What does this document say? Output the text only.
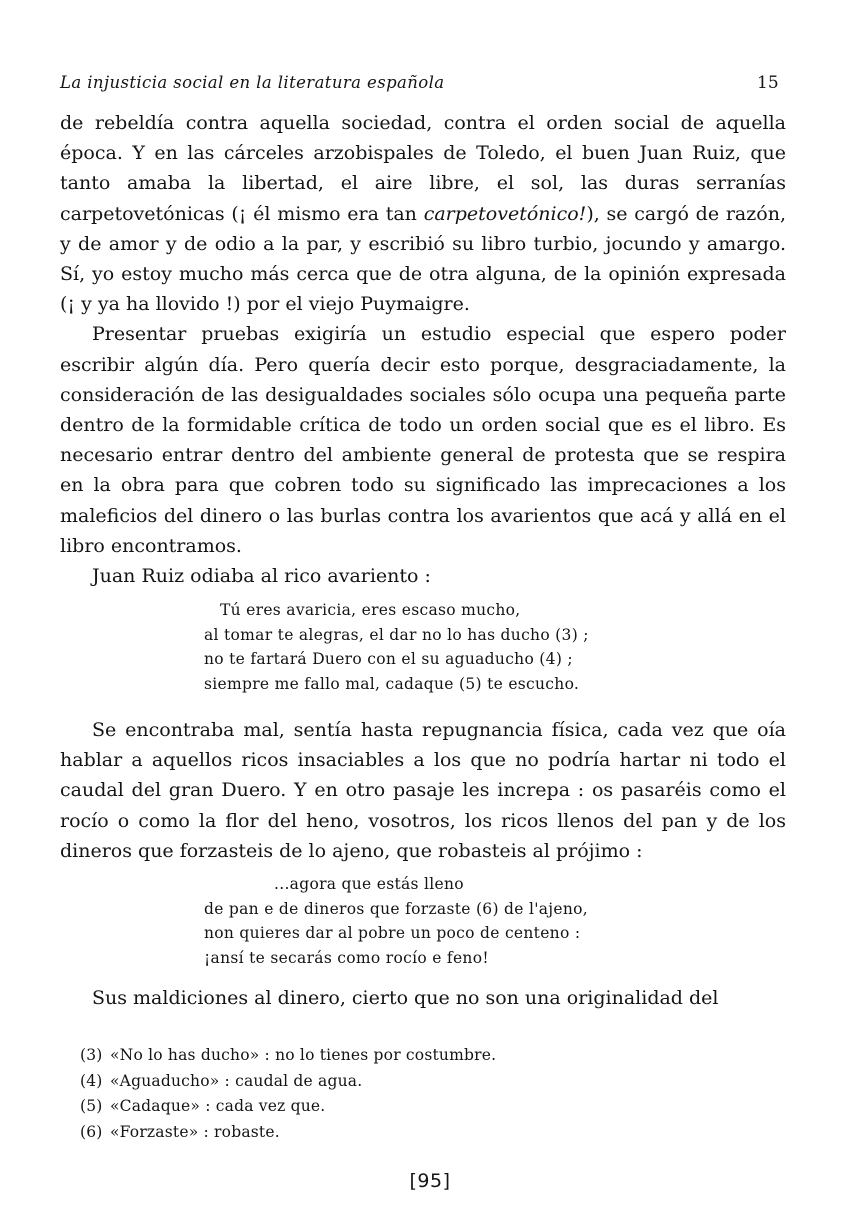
La injusticia social en la literatura española	15

de rebeldía contra aquella sociedad, contra el orden social de aquella época. Y en las cárceles arzobispales de Toledo, el buen Juan Ruiz, que tanto amaba la libertad, el aire libre, el sol, las duras serranías carpetovetónicas (¡ él mismo era tan carpetovetónico!), se cargó de razón, y de amor y de odio a la par, y escribió su libro turbio, jocundo y amargo. Sí, yo estoy mucho más cerca que de otra alguna, de la opinión expresada (¡ y ya ha llovido !) por el viejo Puymaigre.

Presentar pruebas exigiría un estudio especial que espero poder escribir algún día. Pero quería decir esto porque, desgraciadamente, la consideración de las desigualdades sociales sólo ocupa una pequeña parte dentro de la formidable crítica de todo un orden social que es el libro. Es necesario entrar dentro del ambiente general de protesta que se respira en la obra para que cobren todo su significado las imprecaciones a los maleficios del dinero o las burlas contra los avarientos que acá y allá en el libro encontramos.

Juan Ruiz odiaba al rico avariento :

Tú eres avaricia, eres escaso mucho,
al tomar te alegras, el dar no lo has ducho (3) ;
no te fartará Duero con el su aguaducho (4) ;
siempre me fallo mal, cadaque (5) te escucho.

Se encontraba mal, sentía hasta repugnancia física, cada vez que oía hablar a aquellos ricos insaciables a los que no podría hartar ni todo el caudal del gran Duero. Y en otro pasaje les increpa : os pasaréis como el rocío o como la flor del heno, vosotros, los ricos llenos del pan y de los dineros que forzasteis de lo ajeno, que robasteis al prójimo :

...agora que estás lleno
de pan e de dineros que forzaste (6) de l'ajeno,
non quieres dar al pobre un poco de centeno :
¡ansí te secarás como rocío e feno!

Sus maldiciones al dinero, cierto que no son una originalidad del

(3) «No lo has ducho» : no lo tienes por costumbre.
(4) «Aguaducho» : caudal de agua.
(5) «Cadaque» : cada vez que.
(6) «Forzaste» : robaste.
[95]
